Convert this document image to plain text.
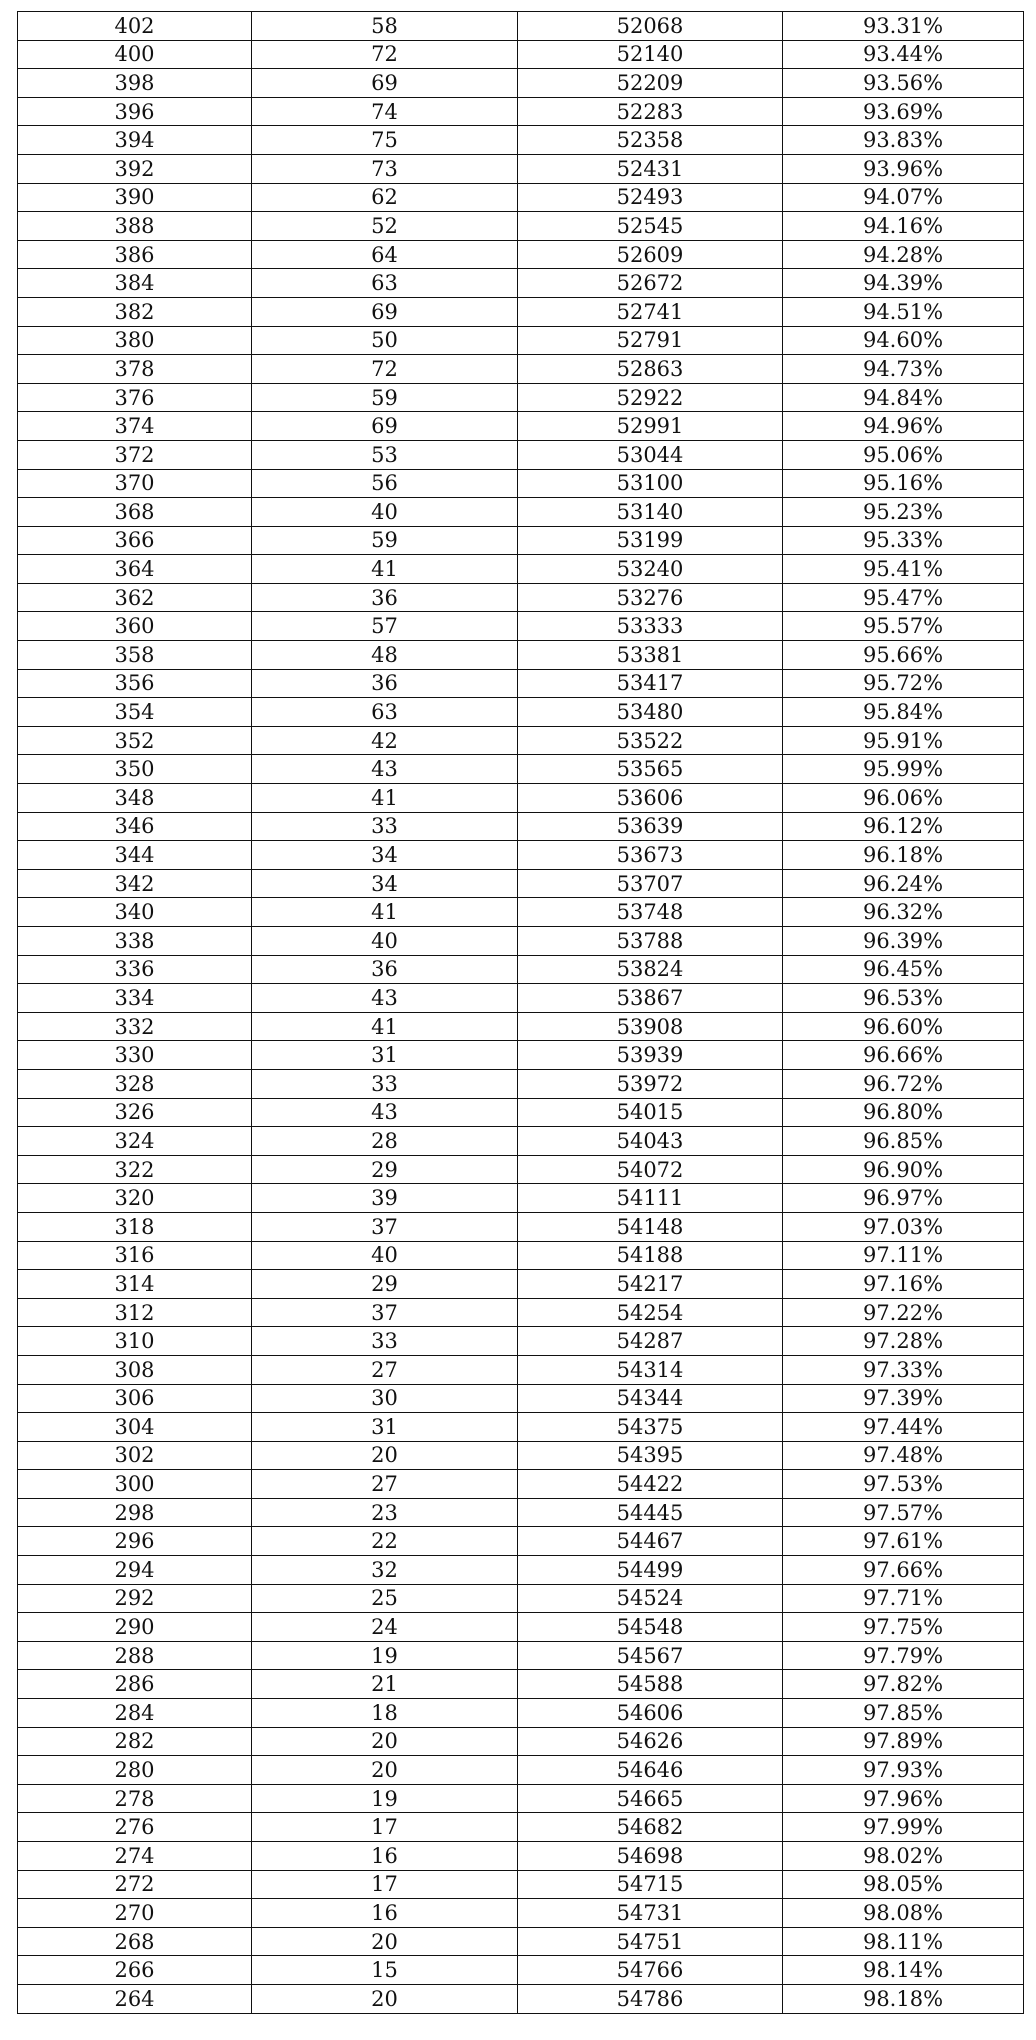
402	58	52068	93.31%
400	72	52140	93.44%
398	69	52209	93.56%
396	74	52283	93.69%
394	75	52358	93.83%
392	73	52431	93.96%
390	62	52493	94.07%
388	52	52545	94.16%
386	64	52609	94.28%
384	63	52672	94.39%
382	69	52741	94.51%
380	50	52791	94.60%
378	72	52863	94.73%
376	59	52922	94.84%
374	69	52991	94.96%
372	53	53044	95.06%
370	56	53100	95.16%
368	40	53140	95.23%
366	59	53199	95.33%
364	41	53240	95.41%
362	36	53276	95.47%
360	57	53333	95.57%
358	48	53381	95.66%
356	36	53417	95.72%
354	63	53480	95.84%
352	42	53522	95.91%
350	43	53565	95.99%
348	41	53606	96.06%
346	33	53639	96.12%
344	34	53673	96.18%
342	34	53707	96.24%
340	41	53748	96.32%
338	40	53788	96.39%
336	36	53824	96.45%
334	43	53867	96.53%
332	41	53908	96.60%
330	31	53939	96.66%
328	33	53972	96.72%
326	43	54015	96.80%
324	28	54043	96.85%
322	29	54072	96.90%
320	39	54111	96.97%
318	37	54148	97.03%
316	40	54188	97.11%
314	29	54217	97.16%
312	37	54254	97.22%
310	33	54287	97.28%
308	27	54314	97.33%
306	30	54344	97.39%
304	31	54375	97.44%
302	20	54395	97.48%
300	27	54422	97.53%
298	23	54445	97.57%
296	22	54467	97.61%
294	32	54499	97.66%
292	25	54524	97.71%
290	24	54548	97.75%
288	19	54567	97.79%
286	21	54588	97.82%
284	18	54606	97.85%
282	20	54626	97.89%
280	20	54646	97.93%
278	19	54665	97.96%
276	17	54682	97.99%
274	16	54698	98.02%
272	17	54715	98.05%
270	16	54731	98.08%
268	20	54751	98.11%
266	15	54766	98.14%
264	20	54786	98.18%
